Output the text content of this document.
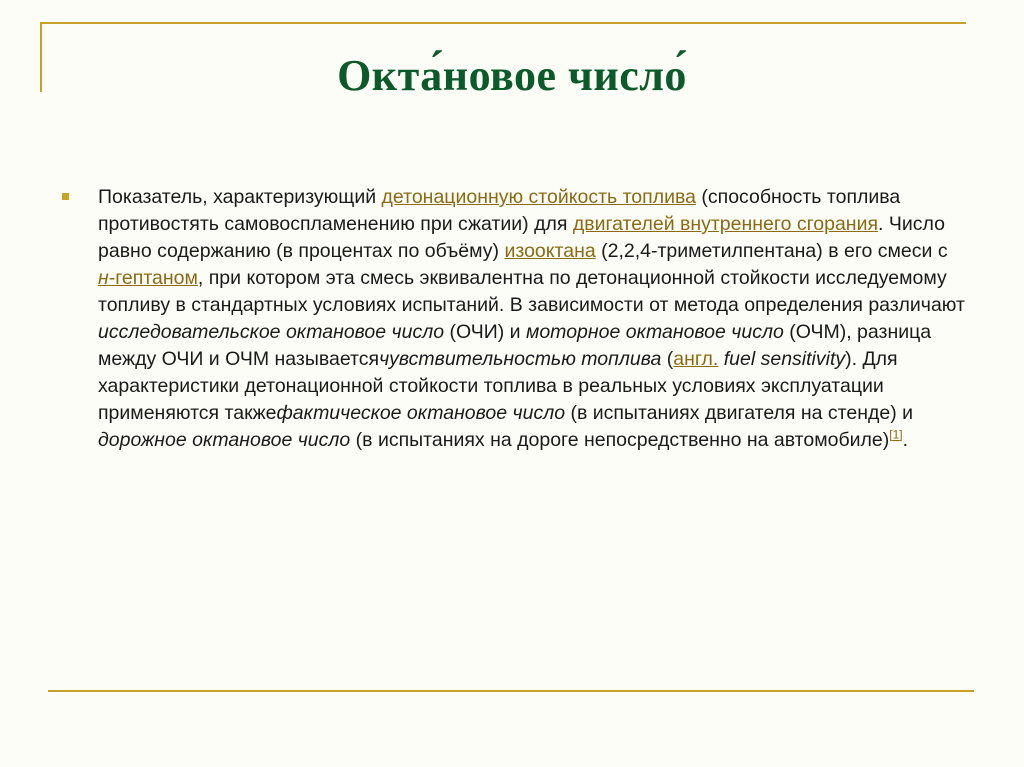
Окта́новое число́
Показатель, характеризующий детонационную стойкость топлива (способность топлива противостять самовоспламенению при сжатии) для двигателей внутреннего сгорания. Число равно содержанию (в процентах по объёму) изооктана (2,2,4-триметилпентана) в его смеси с н-гептаном, при котором эта смесь эквивалентна по детонационной стойкости исследуемому топливу в стандартных условиях испытаний. В зависимости от метода определения различают исследовательское октановое число (ОЧИ) и моторное октановое число (ОЧМ), разница между ОЧИ и ОЧМ называетсячувствительностью топлива (англ. fuel sensitivity). Для характеристики детонационной стойкости топлива в реальных условиях эксплуатации применяются такжефактическое октановое число (в испытаниях двигателя на стенде) и дорожное октановое число (в испытаниях на дороге непосредственно на автомобиле)[1].
